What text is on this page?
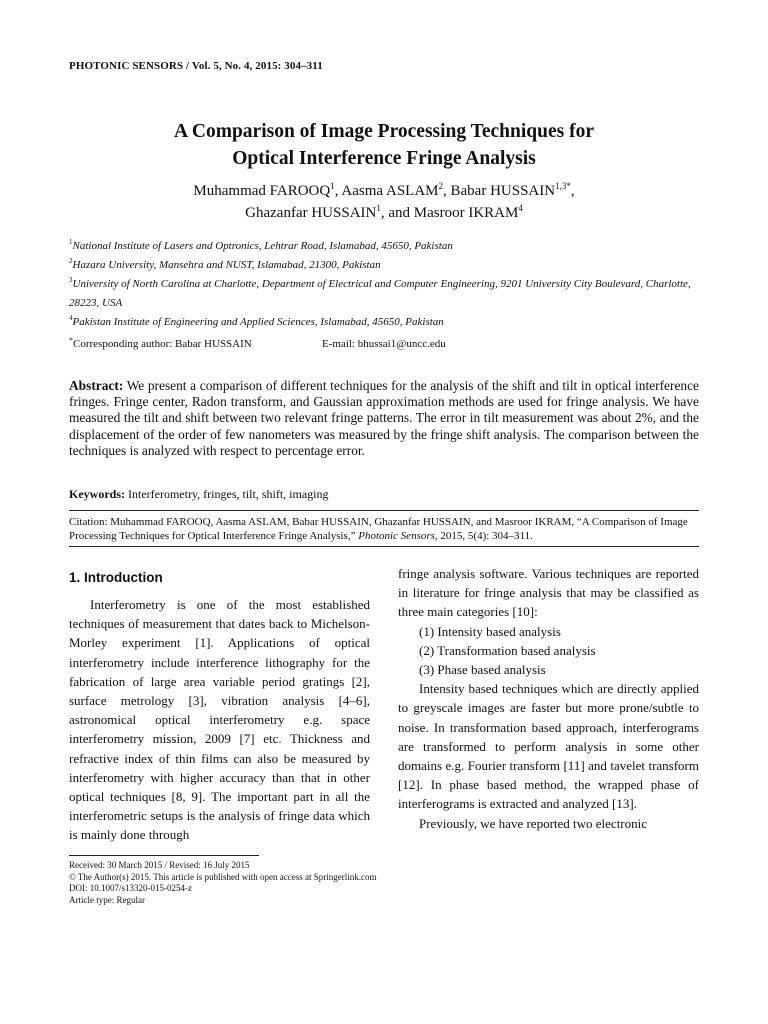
PHOTONIC SENSORS / Vol. 5, No. 4, 2015: 304–311
A Comparison of Image Processing Techniques for
Optical Interference Fringe Analysis
Muhammad FAROOQ$^1$, Aasma ASLAM$^2$, Babar $HUSSAIN^{1,3*}$,
Ghazanfar HUSSAIN$^1$, and Masroor IKRAM$^4$
$^1$National Institute of Lasers and Optronics, Lehtrar Road, Islamabad, 45650, Pakistan
$^2$Hazara University, Mansehra and NUST, Islamabad, 21300, Pakistan
$^3$University of North Carolina at Charlotte, Department of Electrical and Computer Engineering, 9201 University City Boulevard, Charlotte, 28223, USA
$^4$Pakistan Institute of Engineering and Applied Sciences, Islamabad, 45650, Pakistan
*Corresponding author: Babar HUSSAIN	E-mail: bhussai1@uncc.edu
Abstract: We present a comparison of different techniques for the analysis of the shift and tilt in optical interference fringes. Fringe center, Radon transform, and Gaussian approximation methods are used for fringe analysis. We have measured the tilt and shift between two relevant fringe patterns. The error in tilt measurement was about 2%, and the displacement of the order of few nanometers was measured by the fringe shift analysis. The comparison between the techniques is analyzed with respect to percentage error.
Keywords: Interferometry, fringes, tilt, shift, imaging
Citation: Muhammad FAROOQ, Aasma ASLAM, Babar HUSSAIN, Ghazanfar HUSSAIN, and Masroor IKRAM, “A Comparison of Image Processing Techniques for Optical Interference Fringe Analysis,” Photonic Sensors, 2015, 5(4): 304–311.
1. Introduction
Interferometry is one of the most established techniques of measurement that dates back to Michelson-Morley experiment [1]. Applications of optical interferometry include interference lithography for the fabrication of large area variable period gratings [2], surface metrology [3], vibration analysis [4–6], astronomical optical interferometry e.g. space interferometry mission, 2009 [7] etc. Thickness and refractive index of thin films can also be measured by interferometry with higher accuracy than that in other optical techniques [8, 9]. The important part in all the interferometric setups is the analysis of fringe data which is mainly done through
fringe analysis software. Various techniques are reported in literature for fringe analysis that may be classified as three main categories [10]:
(1) Intensity based analysis
(2) Transformation based analysis
(3) Phase based analysis
Intensity based techniques which are directly applied to greyscale images are faster but more prone/subtle to noise. In transformation based approach, interferograms are transformed to perform analysis in some other domains e.g. Fourier transform [11] and tavelet transform [12]. In phase based method, the wrapped phase of interferograms is extracted and analyzed [13].
Previously, we have reported two electronic
Received: 30 March 2015 / Revised: 16 July 2015
© The Author(s) 2015. This article is published with open access at Springerlink.com
DOI: 10.1007/s13320-015-0254-z
Article type: Regular
